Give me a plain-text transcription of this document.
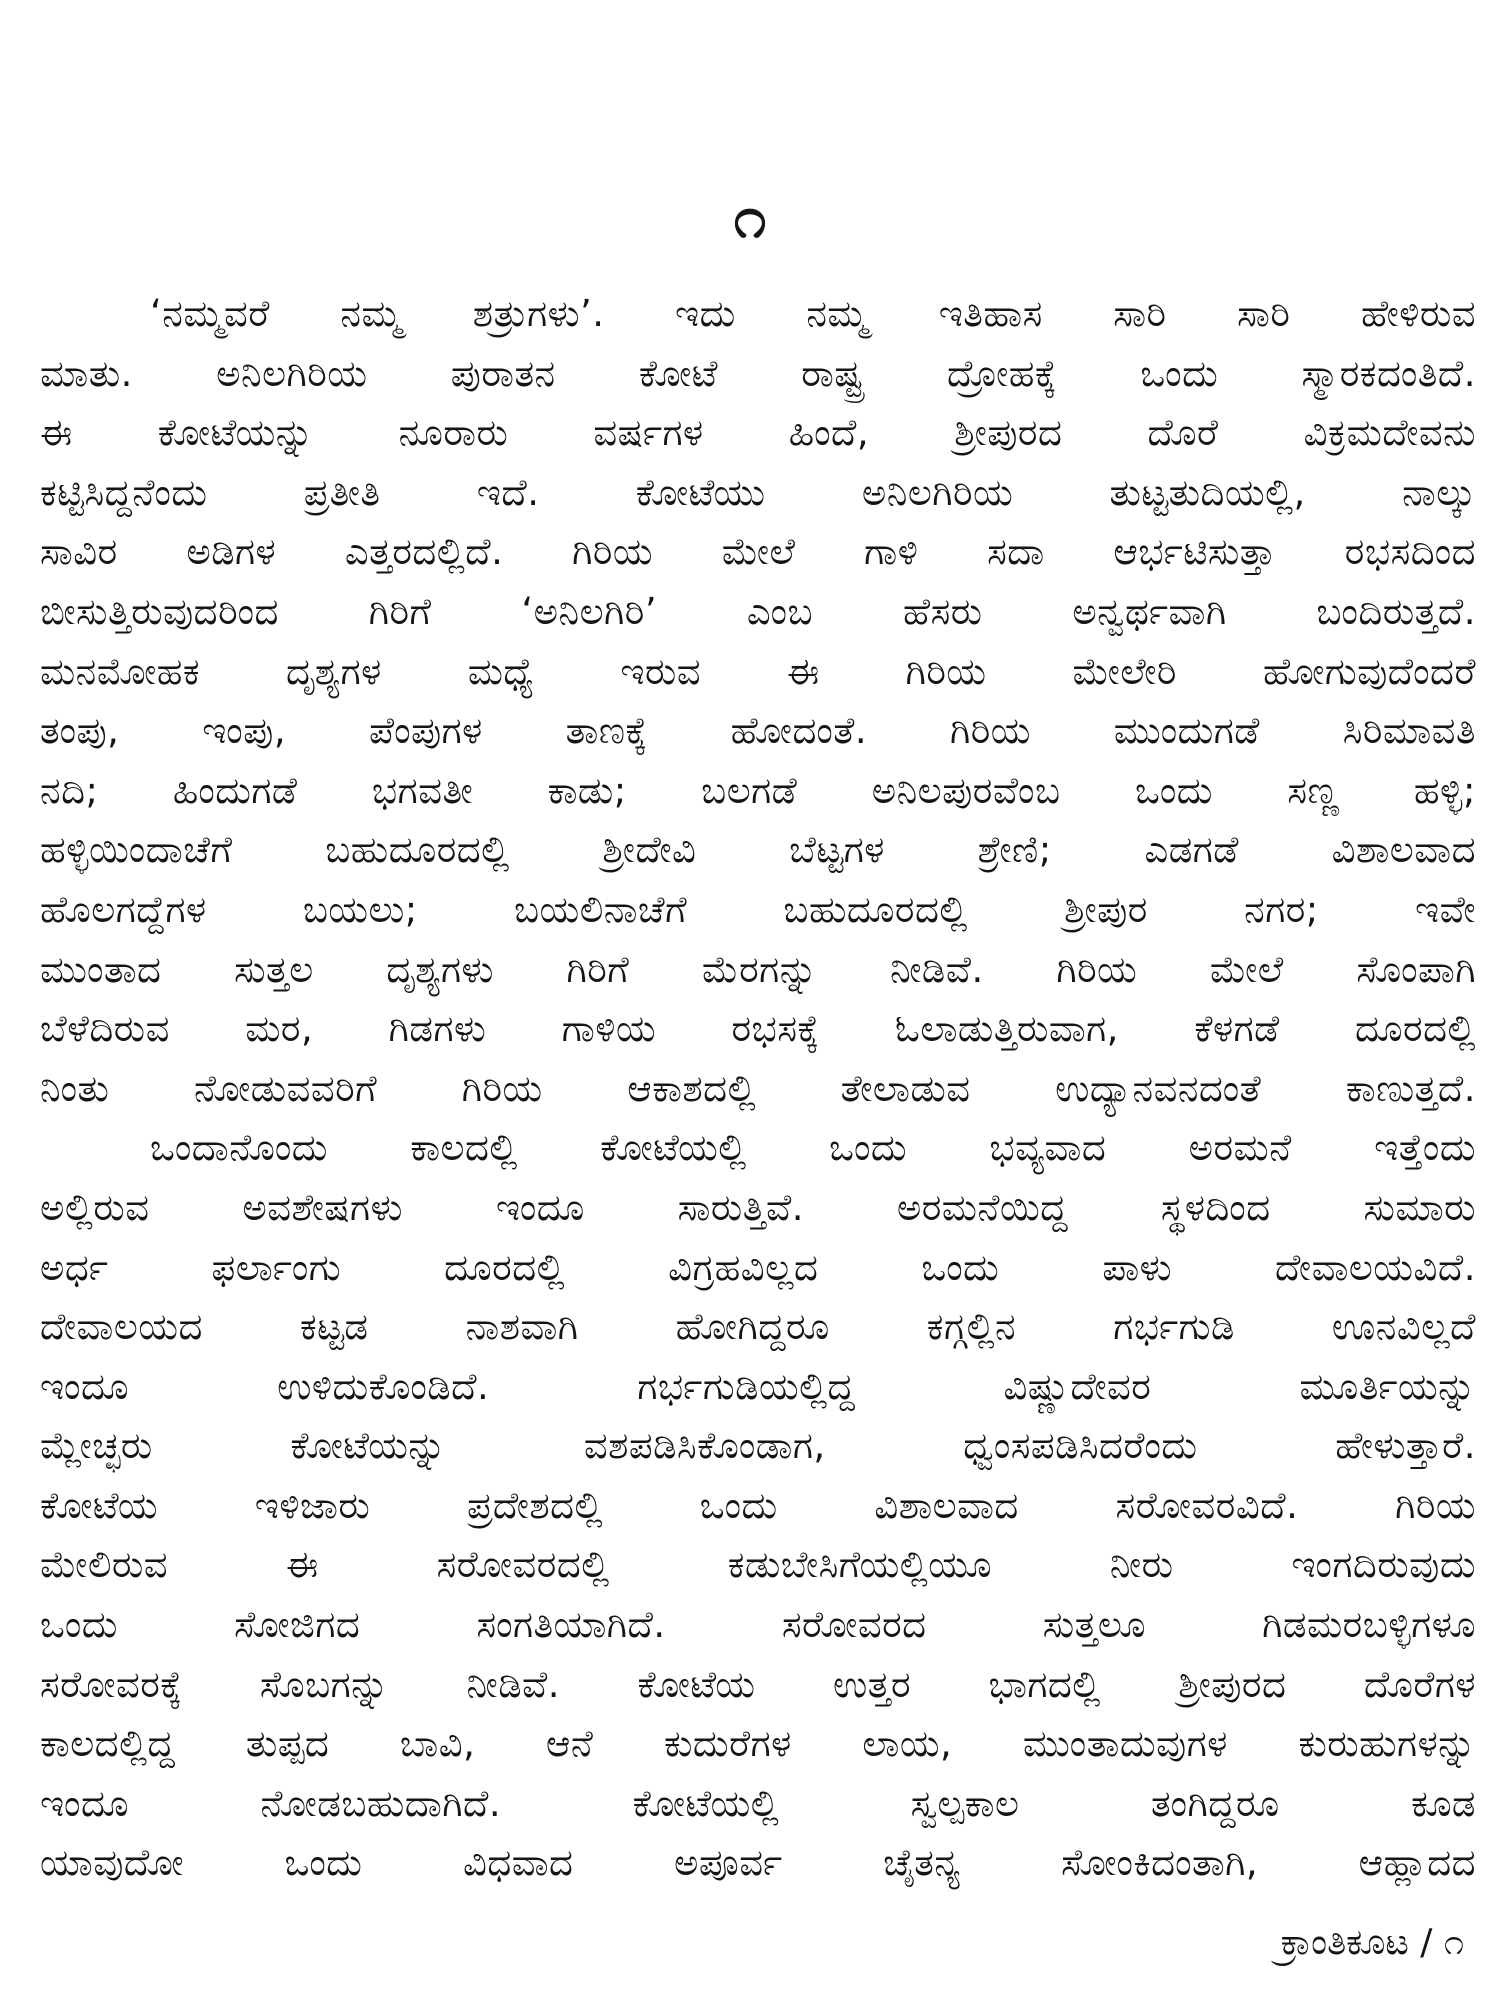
೧
‘ನಮ್ಮವರೆ ನಮ್ಮ ಶತ್ರುಗಳು’. ಇದು ನಮ್ಮ ಇತಿಹಾಸ ಸಾರಿ ಸಾರಿ ಹೇಳಿರುವ
ಮಾತು. ಅನಿಲಗಿರಿಯ ಪುರಾತನ ಕೋಟೆ ರಾಷ್ಟ್ರ ದ್ರೋಹಕ್ಕೆ ಒಂದು ಸ್ಮಾರಕದಂತಿದೆ.
ಈ ಕೋಟೆಯನ್ನು ನೂರಾರು ವರ್ಷಗಳ ಹಿಂದೆ, ಶ್ರೀಪುರದ ದೊರೆ ವಿಕ್ರಮದೇವನು
ಕಟ್ಟಿಸಿದ್ದನೆಂದು ಪ್ರತೀತಿ ಇದೆ. ಕೋಟೆಯು ಅನಿಲಗಿರಿಯ ತುಟ್ಟತುದಿಯಲ್ಲಿ, ನಾಲ್ಕು
ಸಾವಿರ ಅಡಿಗಳ ಎತ್ತರದಲ್ಲಿದೆ. ಗಿರಿಯ ಮೇಲೆ ಗಾಳಿ ಸದಾ ಆರ್ಭಟಿಸುತ್ತಾ ರಭಸದಿಂದ
ಬೀಸುತ್ತಿರುವುದರಿಂದ ಗಿರಿಗೆ ‘ಅನಿಲಗಿರಿ’ ಎಂಬ ಹೆಸರು ಅನ್ವರ್ಥವಾಗಿ ಬಂದಿರುತ್ತದೆ.
ಮನಮೋಹಕ ದೃಶ್ಯಗಳ ಮಧ್ಯೆ ಇರುವ ಈ ಗಿರಿಯ ಮೇಲೇರಿ ಹೋಗುವುದೆಂದರೆ
ತಂಪು, ಇಂಪು, ಪೆಂಪುಗಳ ತಾಣಕ್ಕೆ ಹೋದಂತೆ. ಗಿರಿಯ ಮುಂದುಗಡೆ ಸಿರಿಮಾವತಿ
ನದಿ; ಹಿಂದುಗಡೆ ಭಗವತೀ ಕಾಡು; ಬಲಗಡೆ ಅನಿಲಪುರವೆಂಬ ಒಂದು ಸಣ್ಣ ಹಳ್ಳಿ;
ಹಳ್ಳಿಯಿಂದಾಚೆಗೆ ಬಹುದೂರದಲ್ಲಿ ಶ್ರೀದೇವಿ ಬೆಟ್ಟಗಳ ಶ್ರೇಣಿ; ಎಡಗಡೆ ವಿಶಾಲವಾದ
ಹೊಲಗದ್ದೆಗಳ ಬಯಲು; ಬಯಲಿನಾಚೆಗೆ ಬಹುದೂರದಲ್ಲಿ ಶ್ರೀಪುರ ನಗರ; ಇವೇ
ಮುಂತಾದ ಸುತ್ತಲ ದೃಶ್ಯಗಳು ಗಿರಿಗೆ ಮೆರಗನ್ನು ನೀಡಿವೆ. ಗಿರಿಯ ಮೇಲೆ ಸೊಂಪಾಗಿ
ಬೆಳೆದಿರುವ ಮರ, ಗಿಡಗಳು ಗಾಳಿಯ ರಭಸಕ್ಕೆ ಓಲಾಡುತ್ತಿರುವಾಗ, ಕೆಳಗಡೆ ದೂರದಲ್ಲಿ
ನಿಂತು ನೋಡುವವರಿಗೆ ಗಿರಿಯ ಆಕಾಶದಲ್ಲಿ ತೇಲಾಡುವ ಉದ್ಯಾನವನದಂತೆ ಕಾಣುತ್ತದೆ.
ಒಂದಾನೊಂದು ಕಾಲದಲ್ಲಿ ಕೋಟೆಯಲ್ಲಿ ಒಂದು ಭವ್ಯವಾದ ಅರಮನೆ ಇತ್ತೆಂದು
ಅಲ್ಲಿರುವ ಅವಶೇಷಗಳು ಇಂದೂ ಸಾರುತ್ತಿವೆ. ಅರಮನೆಯಿದ್ದ ಸ್ಥಳದಿಂದ ಸುಮಾರು
ಅರ್ಧ ಫರ್ಲಾಂಗು ದೂರದಲ್ಲಿ ವಿಗ್ರಹವಿಲ್ಲದ ಒಂದು ಪಾಳು ದೇವಾಲಯವಿದೆ.
ದೇವಾಲಯದ ಕಟ್ಟಡ ನಾಶವಾಗಿ ಹೋಗಿದ್ದರೂ ಕಗ್ಗಲ್ಲಿನ ಗರ್ಭಗುಡಿ ಊನವಿಲ್ಲದೆ
ಇಂದೂ ಉಳಿದುಕೊಂಡಿದೆ. ಗರ್ಭಗುಡಿಯಲ್ಲಿದ್ದ ವಿಷ್ಣುದೇವರ ಮೂರ್ತಿಯನ್ನು
ಮ್ಲೇಚ್ಛರು ಕೋಟೆಯನ್ನು ವಶಪಡಿಸಿಕೊಂಡಾಗ, ಧ್ವಂಸಪಡಿಸಿದರೆಂದು ಹೇಳುತ್ತಾರೆ.
ಕೋಟೆಯ ಇಳಿಜಾರು ಪ್ರದೇಶದಲ್ಲಿ ಒಂದು ವಿಶಾಲವಾದ ಸರೋವರವಿದೆ. ಗಿರಿಯ
ಮೇಲಿರುವ ಈ ಸರೋವರದಲ್ಲಿ ಕಡುಬೇಸಿಗೆಯಲ್ಲಿಯೂ ನೀರು ಇಂಗದಿರುವುದು
ಒಂದು ಸೋಜಿಗದ ಸಂಗತಿಯಾಗಿದೆ. ಸರೋವರದ ಸುತ್ತಲೂ ಗಿಡಮರಬಳ್ಳಿಗಳೂ
ಸರೋವರಕ್ಕೆ ಸೊಬಗನ್ನು ನೀಡಿವೆ. ಕೋಟೆಯ ಉತ್ತರ ಭಾಗದಲ್ಲಿ ಶ್ರೀಪುರದ ದೊರೆಗಳ
ಕಾಲದಲ್ಲಿದ್ದ ತುಪ್ಪದ ಬಾವಿ, ಆನೆ ಕುದುರೆಗಳ ಲಾಯ, ಮುಂತಾದುವುಗಳ ಕುರುಹುಗಳನ್ನು
ಇಂದೂ ನೋಡಬಹುದಾಗಿದೆ. ಕೋಟೆಯಲ್ಲಿ ಸ್ವಲ್ಪಕಾಲ ತಂಗಿದ್ದರೂ ಕೂಡ
ಯಾವುದೋ ಒಂದು ವಿಧವಾದ ಅಪೂರ್ವ ಚೈತನ್ಯ ಸೋಂಕಿದಂತಾಗಿ, ಆಹ್ಲಾದದ
ಕ್ರಾಂತಿಕೂಟ / ೧
